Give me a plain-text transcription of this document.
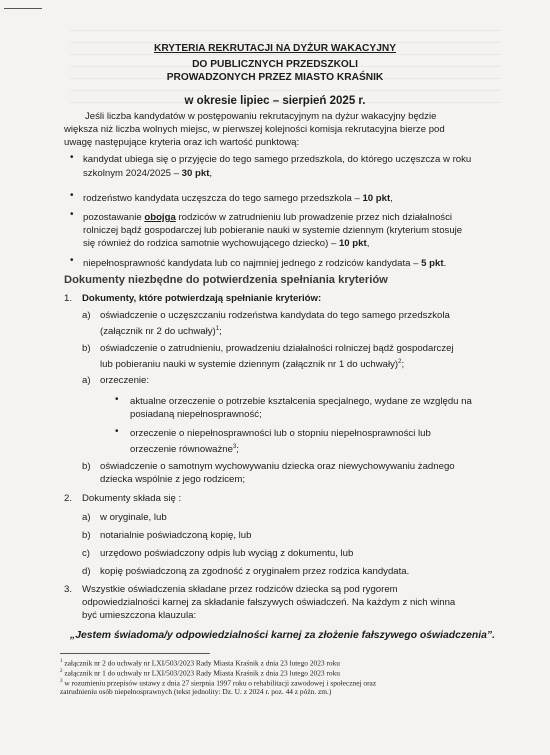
KRYTERIA REKRUTACJI NA DYŻUR WAKACYJNY
DO PUBLICZNYCH PRZEDSZKOLI
PROWADZONYCH PRZEZ MIASTO KRAŚNIK
w okresie lipiec – sierpień 2025 r.
Jeśli liczba kandydatów w postępowaniu rekrutacyjnym na dyżur wakacyjny będzie
większa niż liczba wolnych miejsc, w pierwszej kolejności komisja rekrutacyjna bierze pod
uwagę następujące kryteria oraz ich wartość punktową:
• kandydat ubiega się o przyjęcie do tego samego przedszkola, do którego uczęszcza w roku
szkolnym 2024/2025 – 30 pkt,
• rodzeństwo kandydata uczęszcza do tego samego przedszkola – 10 pkt,
• pozostawanie obojga rodziców w zatrudnieniu lub prowadzenie przez nich działalności
rolniczej bądź gospodarczej lub pobieranie nauki w systemie dziennym (kryterium stosuje
się również do rodzica samotnie wychowującego dziecko) – 10 pkt,
• niepełnosprawność kandydata lub co najmniej jednego z rodziców kandydata – 5 pkt.
Dokumenty niezbędne do potwierdzenia spełniania kryteriów
1. Dokumenty, które potwierdzają spełnianie kryteriów:
a) oświadczenie o uczęszczaniu rodzeństwa kandydata do tego samego przedszkola
(załącznik nr 2 do uchwały)$^1$;
b) oświadczenie o zatrudnieniu, prowadzeniu działalności rolniczej bądź gospodarczej
lub pobieraniu nauki w systemie dziennym (załącznik nr 1 do uchwały)$^2$;
a) orzeczenie:
• aktualne orzeczenie o potrzebie kształcenia specjalnego, wydane ze względu na
posiadaną niepełnosprawność;
• orzeczenie o niepełnosprawności lub o stopniu niepełnosprawności lub
orzeczenie równoważne$^3$;
b) oświadczenie o samotnym wychowywaniu dziecka oraz niewychowywaniu żadnego
dziecka wspólnie z jego rodzicem;
2. Dokumenty składa się :
a) w oryginale, lub
b) notarialnie poświadczoną kopię, lub
c) urzędowo poświadczony odpis lub wyciąg z dokumentu, lub
d) kopię poświadczoną za zgodność z oryginałem przez rodzica kandydata.
3. Wszystkie oświadczenia składane przez rodziców dziecka są pod rygorem
odpowiedzialności karnej za składanie fałszywych oświadczeń. Na każdym z nich winna
być umieszczona klauzula:
„Jestem świadoma/y odpowiedzialności karnej za złożenie fałszywego oświadczenia”.
$^1$ załącznik nr 2 do uchwały nr LXI/503/2023 Rady Miasta Kraśnik z dnia 23 lutego 2023 roku
$^2$ załącznik nr 1 do uchwały nr LXI/503/2023 Rady Miasta Kraśnik z dnia 23 lutego 2023 roku
$^3$ w rozumieniu przepisów ustawy z dnia 27 sierpnia 1997 roku o rehabilitacji zawodowej i społecznej oraz
zatrudnieniu osób niepełnosprawnych (tekst jednolity: Dz. U. z 2024 r. poz. 44 z późn. zm.)
